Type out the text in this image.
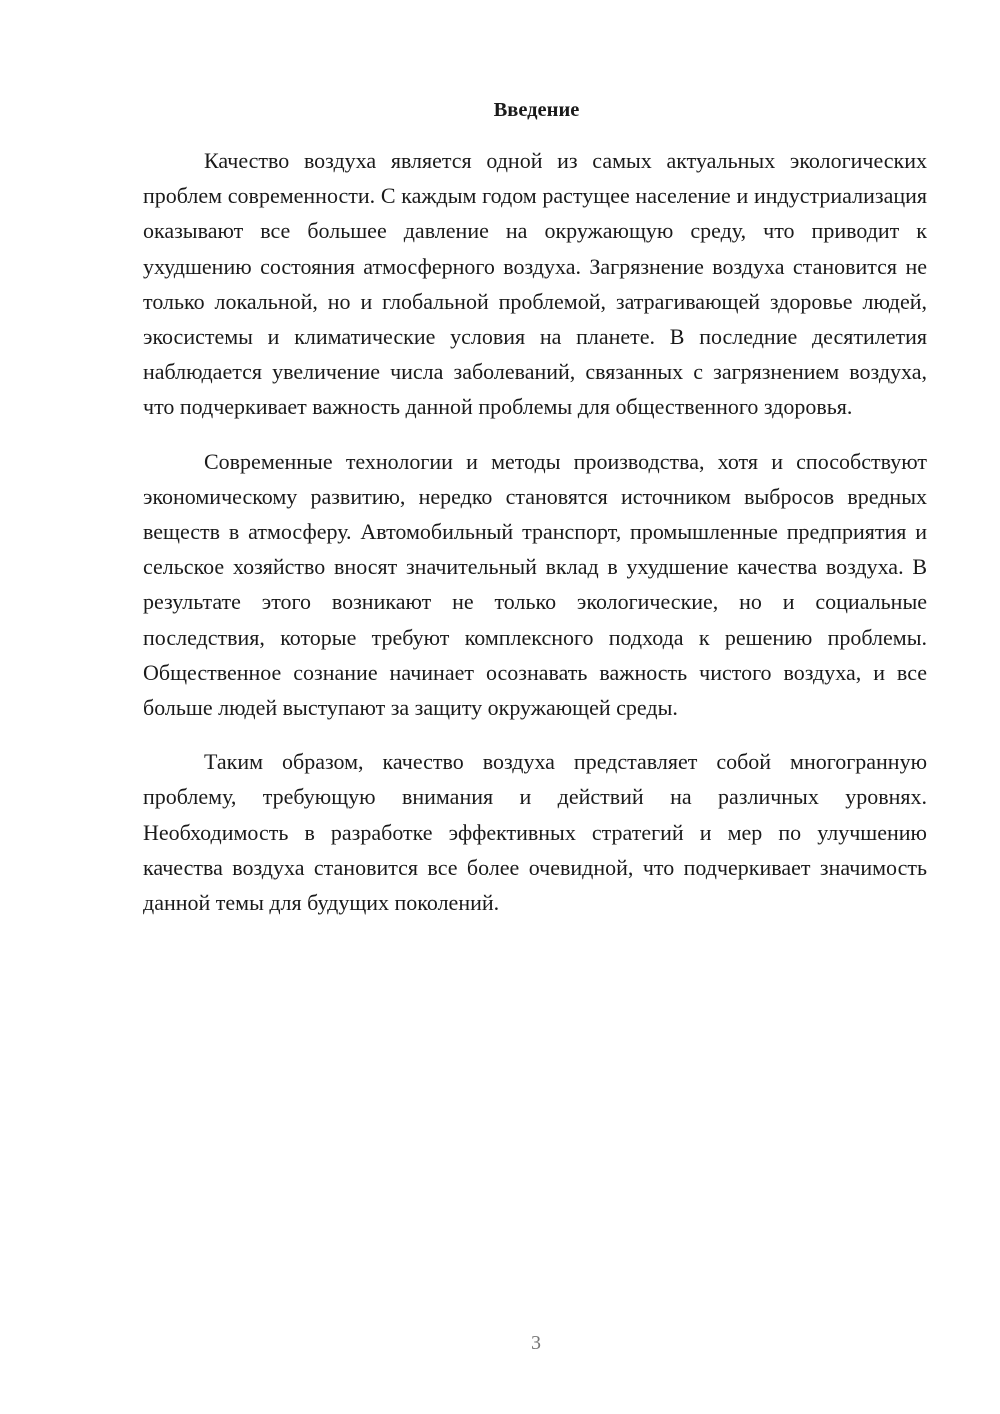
Введение

Качество воздуха является одной из самых актуальных экологических проблем современности. С каждым годом растущее население и индустриализация оказывают все большее давление на окружающую среду, что приводит к ухудшению состояния атмосферного воздуха. Загрязнение воздуха становится не только локальной, но и глобальной проблемой, затрагивающей здоровье людей, экосистемы и климатические условия на планете. В последние десятилетия наблюдается увеличение числа заболеваний, связанных с загрязнением воздуха, что подчеркивает важность данной проблемы для общественного здоровья.

Современные технологии и методы производства, хотя и способствуют экономическому развитию, нередко становятся источником выбросов вредных веществ в атмосферу. Автомобильный транспорт, промышленные предприятия и сельское хозяйство вносят значительный вклад в ухудшение качества воздуха. В результате этого возникают не только экологические, но и социальные последствия, которые требуют комплексного подхода к решению проблемы. Общественное сознание начинает осознавать важность чистого воздуха, и все больше людей выступают за защиту окружающей среды.

Таким образом, качество воздуха представляет собой многогранную проблему, требующую внимания и действий на различных уровнях. Необходимость в разработке эффективных стратегий и мер по улучшению качества воздуха становится все более очевидной, что подчеркивает значимость данной темы для будущих поколений.

3
